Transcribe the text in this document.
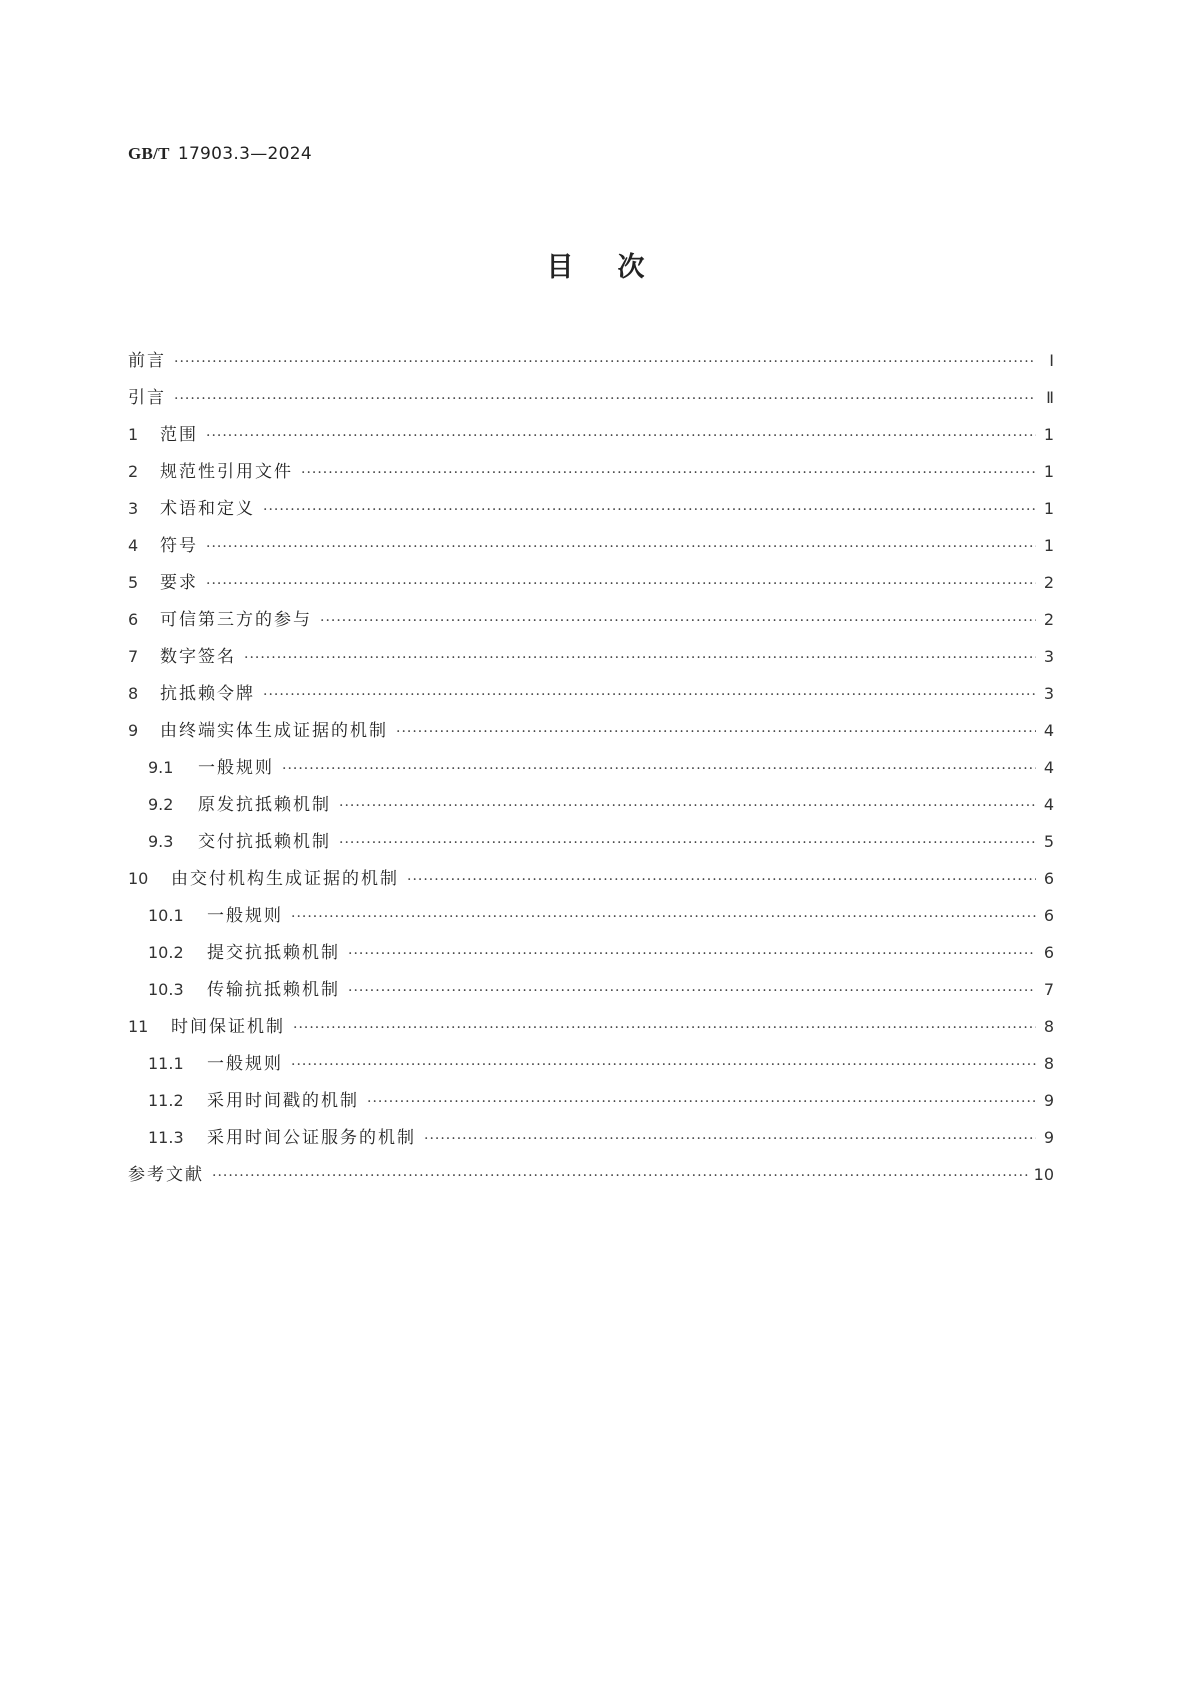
GB/T 17903.3—2024
目次
前言 ·····	Ⅰ
引言 ·····	Ⅱ
1	范围 ·····	1
2	规范性引用文件 ·····	1
3	术语和定义 ·····	1
4	符号 ·····	1
5	要求 ·····	2
6	可信第三方的参与 ·····	2
7	数字签名 ·····	3
8	抗抵赖令牌 ·····	3
9	由终端实体生成证据的机制 ·····	4
9.1	一般规则 ·····	4
9.2	原发抗抵赖机制 ·····	4
9.3	交付抗抵赖机制 ·····	5
10	由交付机构生成证据的机制 ·····	6
10.1	一般规则 ·····	6
10.2	提交抗抵赖机制 ·····	6
10.3	传输抗抵赖机制 ·····	7
11	时间保证机制 ·····	8
11.1	一般规则 ·····	8
11.2	采用时间戳的机制 ·····	9
11.3	采用时间公证服务的机制 ·····	9
参考文献 ·····	10
